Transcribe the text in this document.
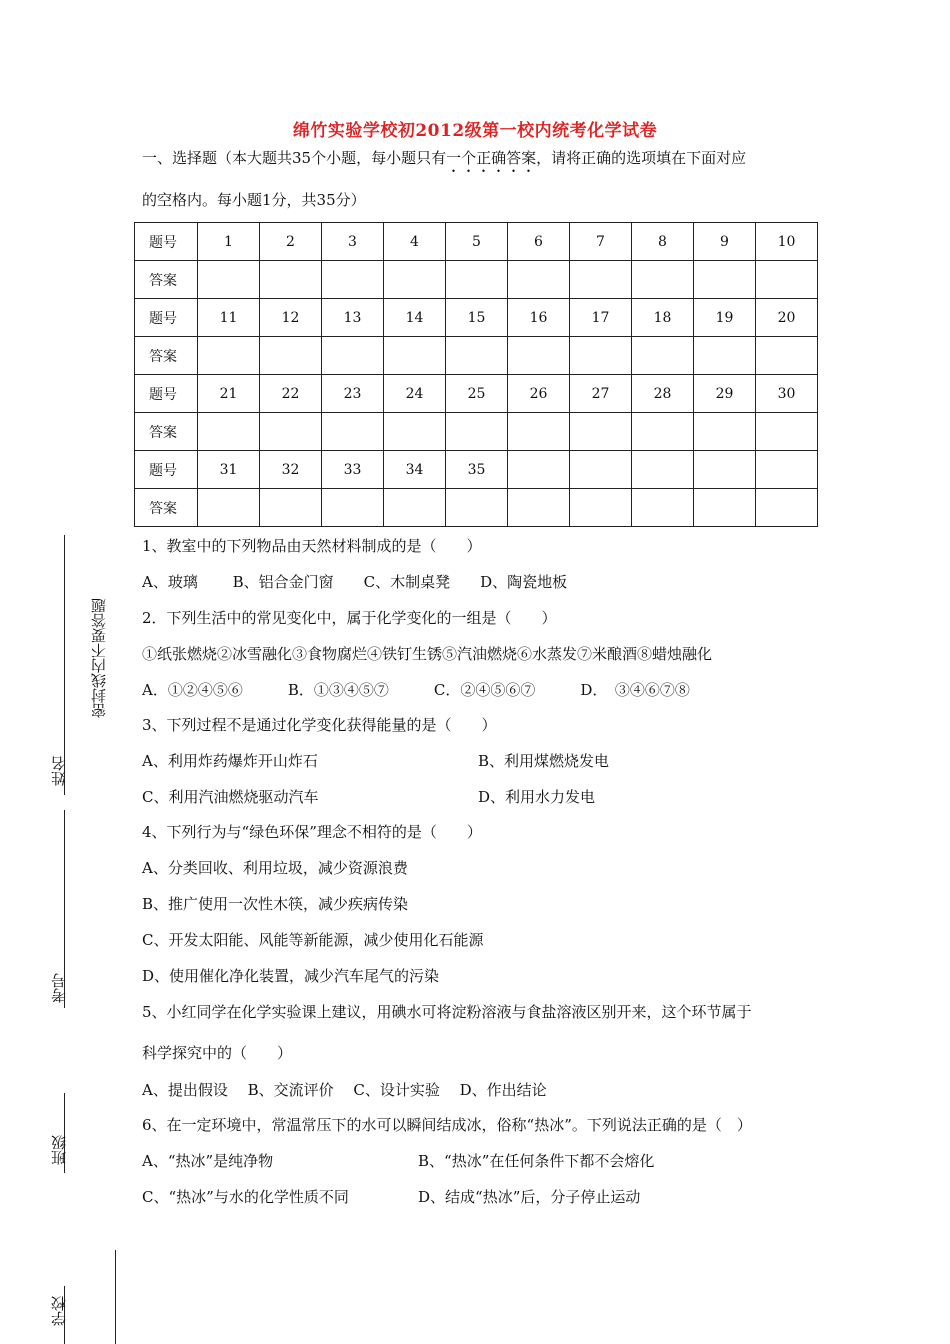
绵竹实验学校初2012级第一校内统考化学试卷
一、选择题（本大题共35个小题，每小题只有一个正确答案，请将正确的选项填在下面对应
的空格内。每小题1分，共35分）
题号	1	2	3	4	5	6	7	8	9	10
答案										
题号	11	12	13	14	15	16	17	18	19	20
答案										
题号	21	22	23	24	25	26	27	28	29	30
答案										
题号	31	32	33	34	35					
答案										
1、教室中的下列物品由天然材料制成的是（　　）
A、玻璃　　 B、铝合金门窗　　C、木制桌凳　　D、陶瓷地板
2．下列生活中的常见变化中，属于化学变化的一组是（　　）
①纸张燃烧②冰雪融化③食物腐烂④铁钉生锈⑤汽油燃烧⑥水蒸发⑦米酿酒⑧蜡烛融化
A．①②④⑤⑥　　　B．①③④⑤⑦　　　C．②④⑤⑥⑦　　　D．　③④⑥⑦⑧
3、下列过程不是通过化学变化获得能量的是（　　）
A、利用炸药爆炸开山炸石	B、利用煤燃烧发电
C、利用汽油燃烧驱动汽车	D、利用水力发电
4、下列行为与“绿色环保”理念不相符的是（　　）
A、分类回收、利用垃圾，减少资源浪费
B、推广使用一次性木筷，减少疾病传染
C、开发太阳能、风能等新能源，减少使用化石能源
D、使用催化净化装置，减少汽车尾气的污染
5、小红同学在化学实验课上建议，用碘水可将淀粉溶液与食盐溶液区别开来，这个环节属于
科学探究中的（　　）
A、提出假设　 B、交流评价　 C、设计实验　 D、作出结论
6、在一定环境中，常温常压下的水可以瞬间结成冰，俗称“热冰”。下列说法正确的是（　）
A、“热冰”是纯净物	B、“热冰”在任何条件下都不会熔化
C、“热冰”与水的化学性质不同	D、结成“热冰”后，分子停止运动
密封线内不要答题
姓名
考号
班级
学校
